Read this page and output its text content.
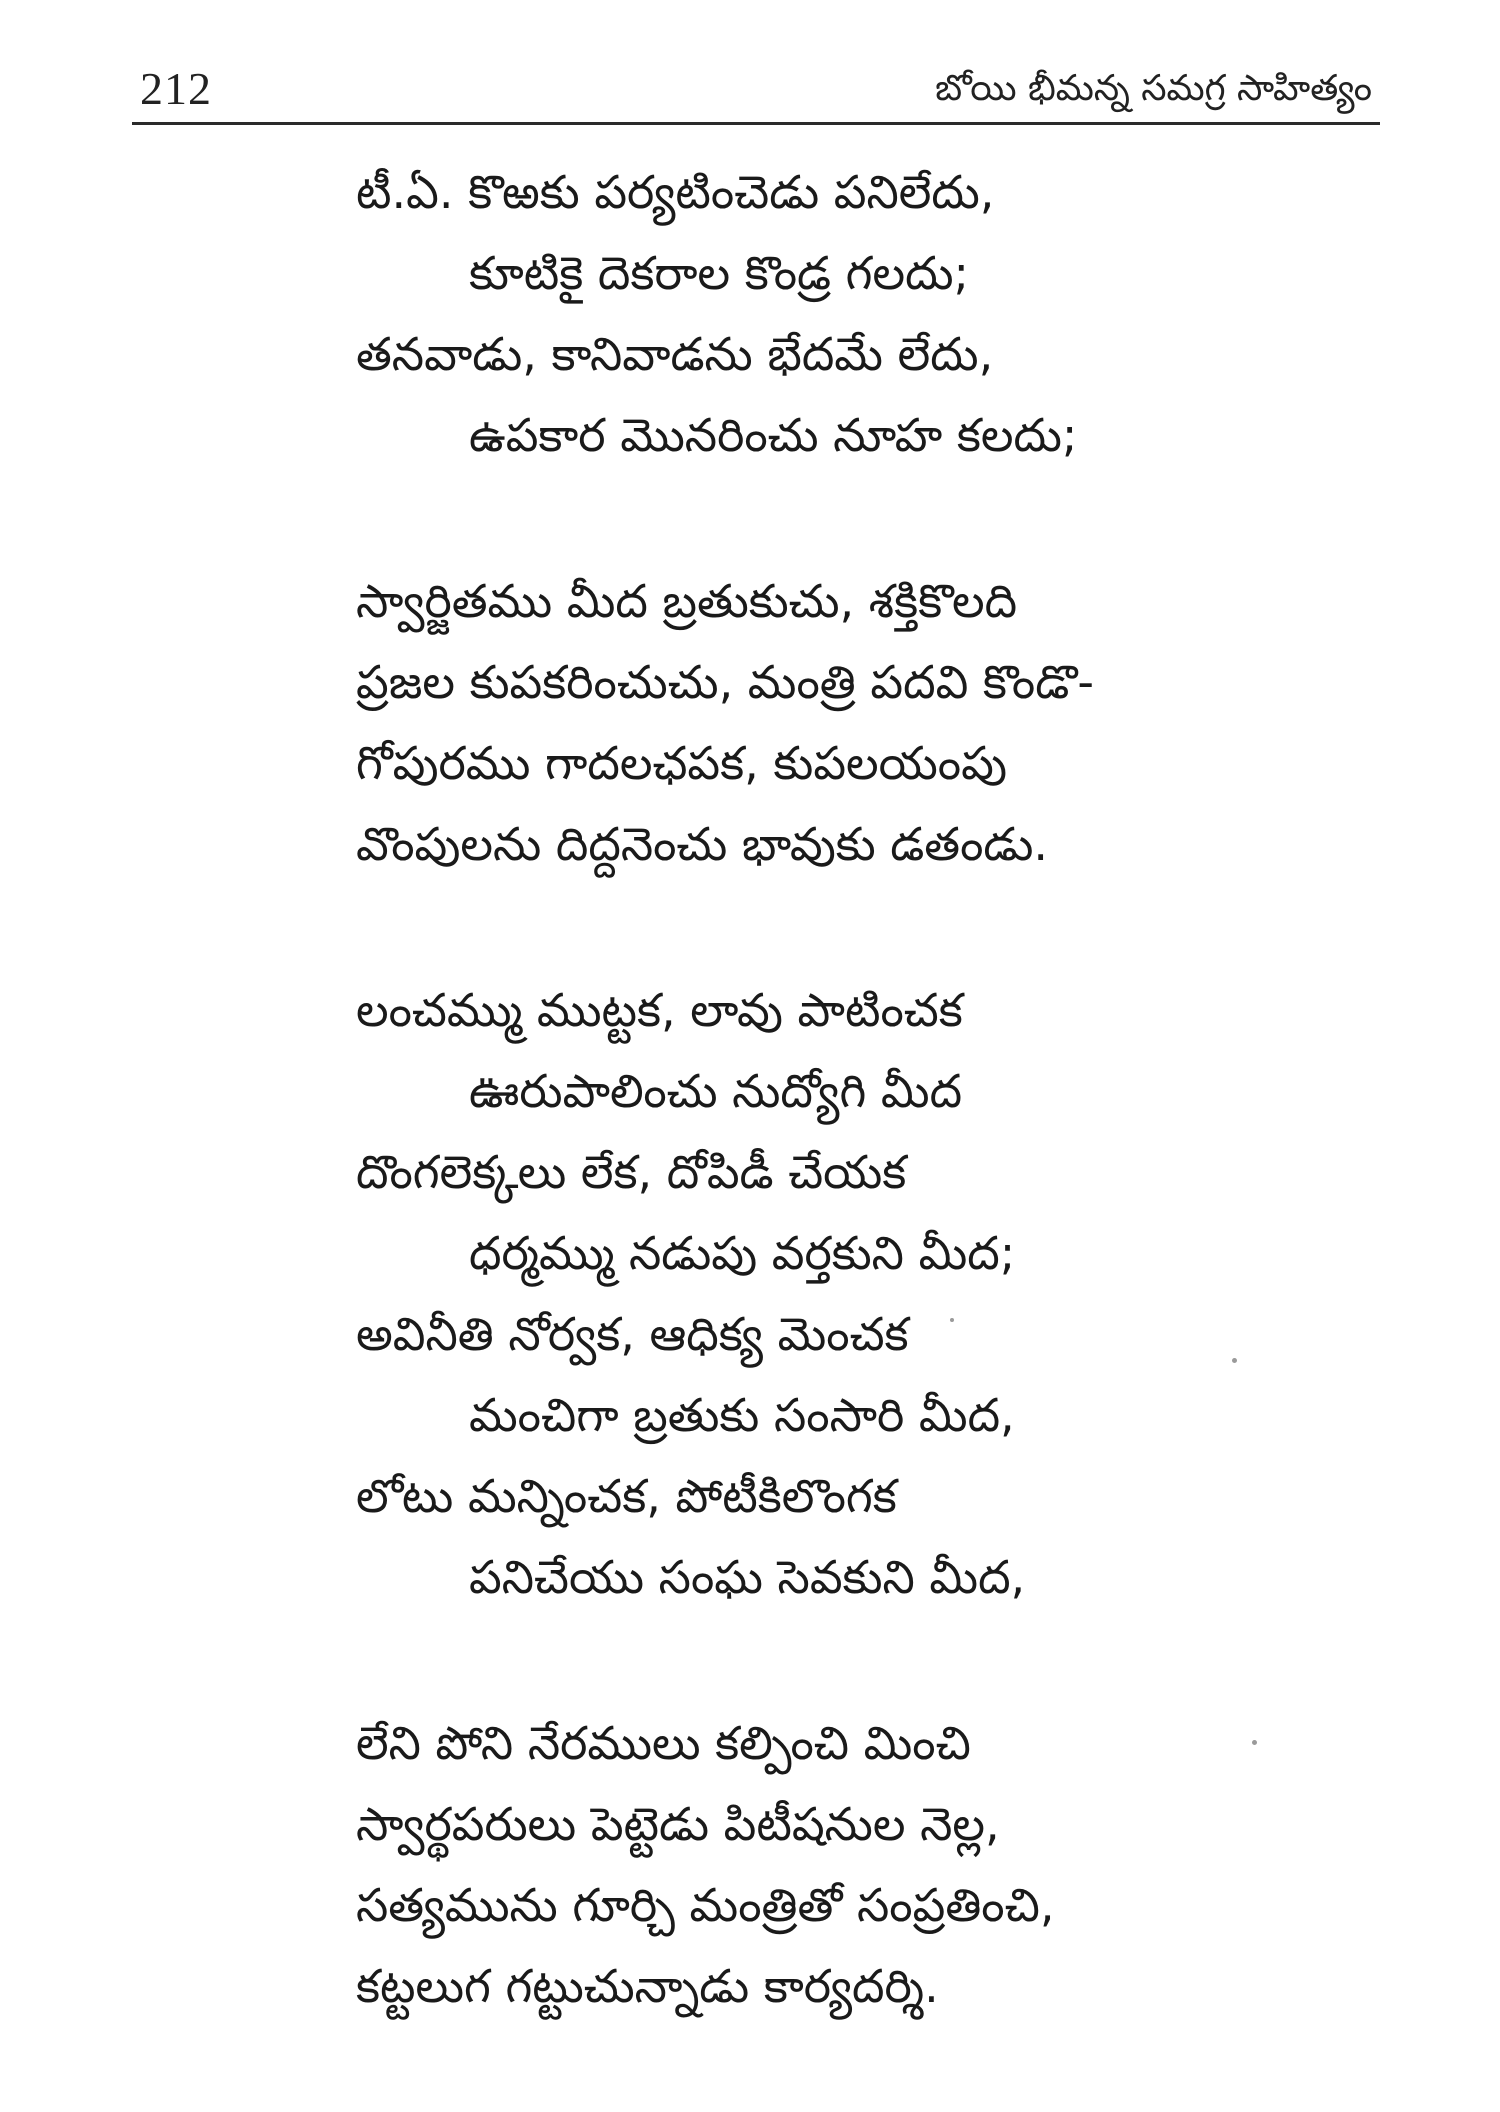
212	బోయి భీమన్న సమగ్ర సాహిత్యం
టీ.ఏ. కొఱకు పర్యటించెడు పనిలేదు,
కూటికై దెకరాల కొండ్ర గలదు;
తనవాడు, కానివాడను భేదమే లేదు,
ఉపకార మొనరించు నూహ కలదు;
స్వార్జితము మీద బ్రతుకుచు, శక్తికొలది
ప్రజల కుపకరించుచు, మంత్రి పదవి కొండొ-
గోపురము గాదలఛపక, కుపలయంపు
వొంపులను దిద్దనెంచు భావుకు డతండు.
లంచమ్ము ముట్టక, లావు పాటించక
ఊరుపాలించు నుద్యోగి మీద
దొంగలెక్కలు లేక, దోపిడీ చేయక
ధర్మమ్ము నడుపు వర్తకుని మీద;
అవినీతి నోర్వక, ఆధిక్య మెంచక
మంచిగా బ్రతుకు సంసారి మీద,
లోటు మన్నించక, పోటీకిలొంగక
పనిచేయు సంఘ సెవకుని మీద,
లేని పోని నేరములు కల్పించి మించి
స్వార్థపరులు పెట్టెడు పిటీషనుల నెల్ల,
సత్యమును గూర్చి మంత్రితో సంప్రతించి,
కట్టలుగ గట్టుచున్నాడు కార్యదర్శి.
